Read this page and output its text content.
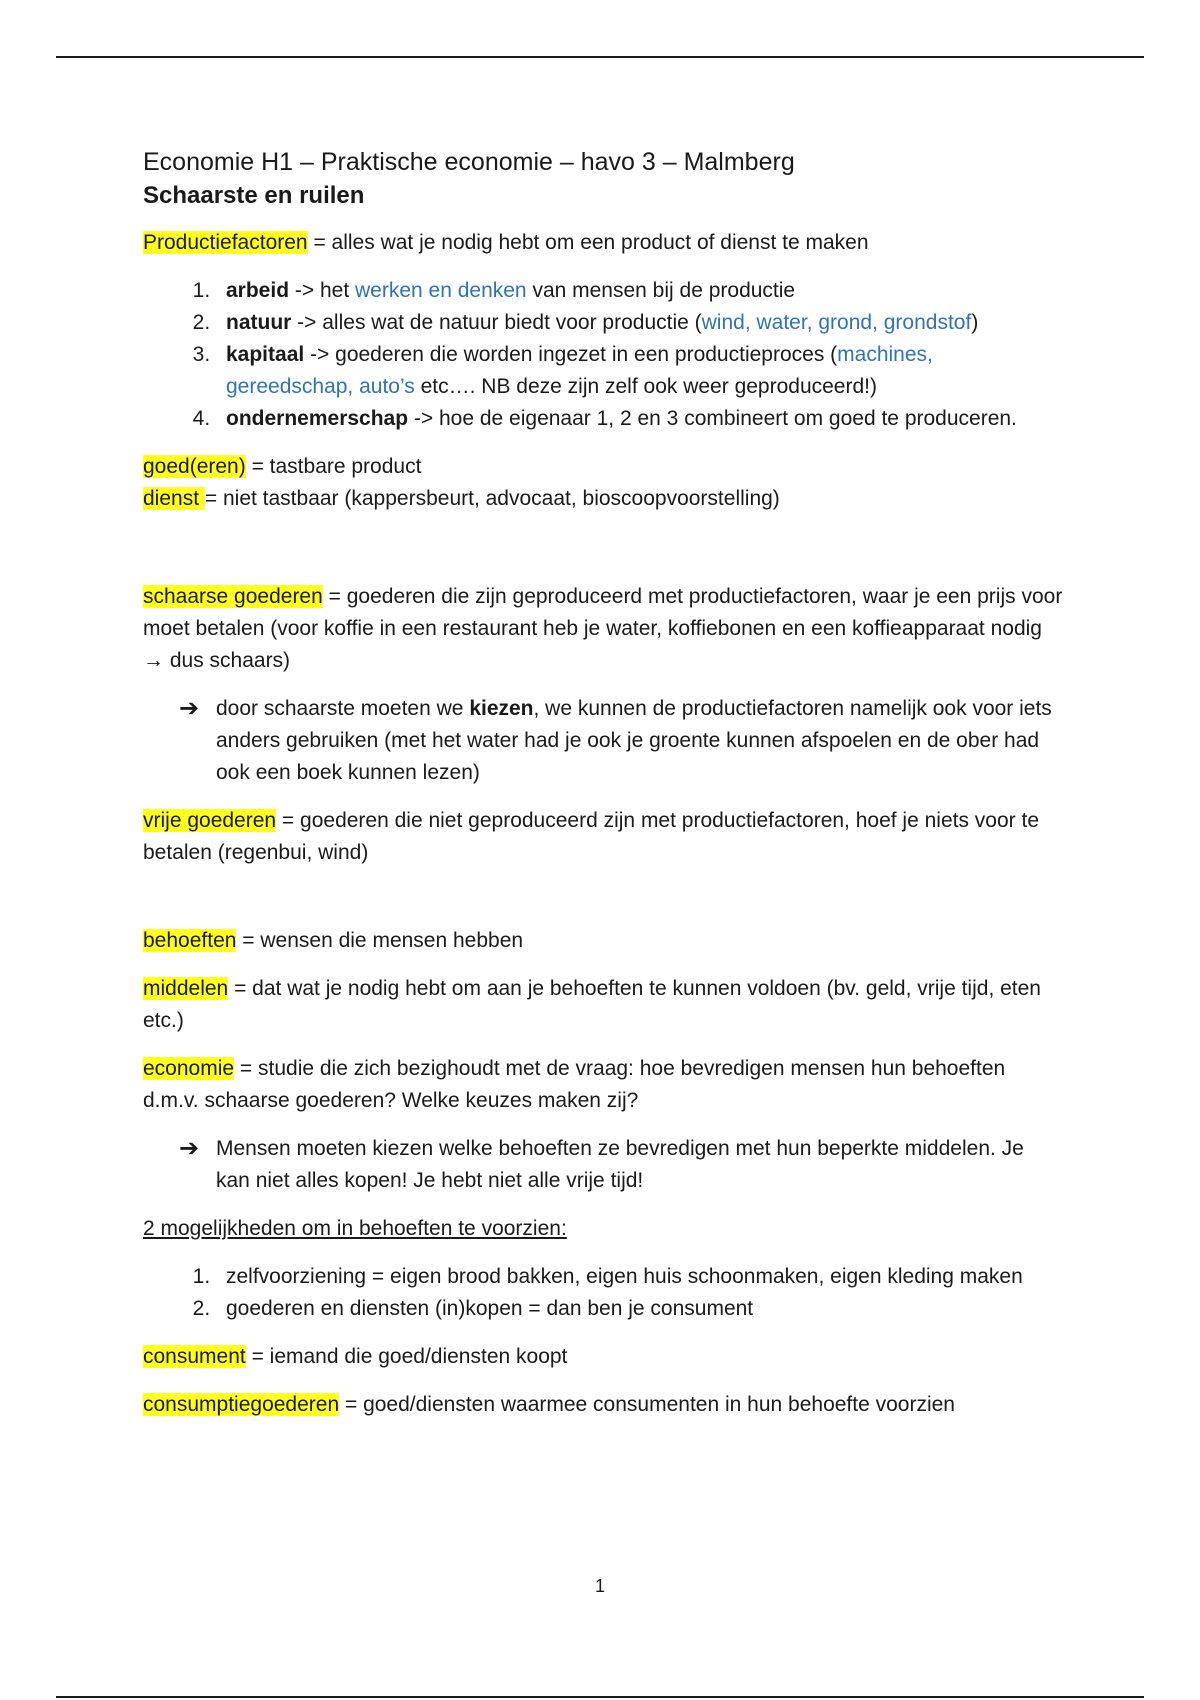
Economie H1 – Praktische economie – havo 3 – Malmberg
Schaarste en ruilen

Productiefactoren = alles wat je nodig hebt om een product of dienst te maken

1. arbeid -> het werken en denken van mensen bij de productie
2. natuur -> alles wat de natuur biedt voor productie (wind, water, grond, grondstof)
3. kapitaal -> goederen die worden ingezet in een productieproces (machines, gereedschap, auto’s etc…. NB deze zijn zelf ook weer geproduceerd!)
4. ondernemerschap -> hoe de eigenaar 1, 2 en 3 combineert om goed te produceren.

goed(eren) = tastbare product

dienst = niet tastbaar (kappersbeurt, advocaat, bioscoopvoorstelling)

schaarse goederen = goederen die zijn geproduceerd met productiefactoren, waar je een prijs voor moet betalen (voor koffie in een restaurant heb je water, koffiebonen en een koffieapparaat nodig → dus schaars)

➔ door schaarste moeten we kiezen, we kunnen de productiefactoren namelijk ook voor iets anders gebruiken (met het water had je ook je groente kunnen afspoelen en de ober had ook een boek kunnen lezen)

vrije goederen = goederen die niet geproduceerd zijn met productiefactoren, hoef je niets voor te betalen (regenbui, wind)

behoeften = wensen die mensen hebben

middelen = dat wat je nodig hebt om aan je behoeften te kunnen voldoen (bv. geld, vrije tijd, eten etc.)

economie = studie die zich bezighoudt met de vraag: hoe bevredigen mensen hun behoeften d.m.v. schaarse goederen? Welke keuzes maken zij?

➔ Mensen moeten kiezen welke behoeften ze bevredigen met hun beperkte middelen. Je kan niet alles kopen! Je hebt niet alle vrije tijd!

2 mogelijkheden om in behoeften te voorzien:

1. zelfvoorziening = eigen brood bakken, eigen huis schoonmaken, eigen kleding maken
2. goederen en diensten (in)kopen = dan ben je consument

consument = iemand die goed/diensten koopt

consumptiegoederen = goed/diensten waarmee consumenten in hun behoefte voorzien

1
